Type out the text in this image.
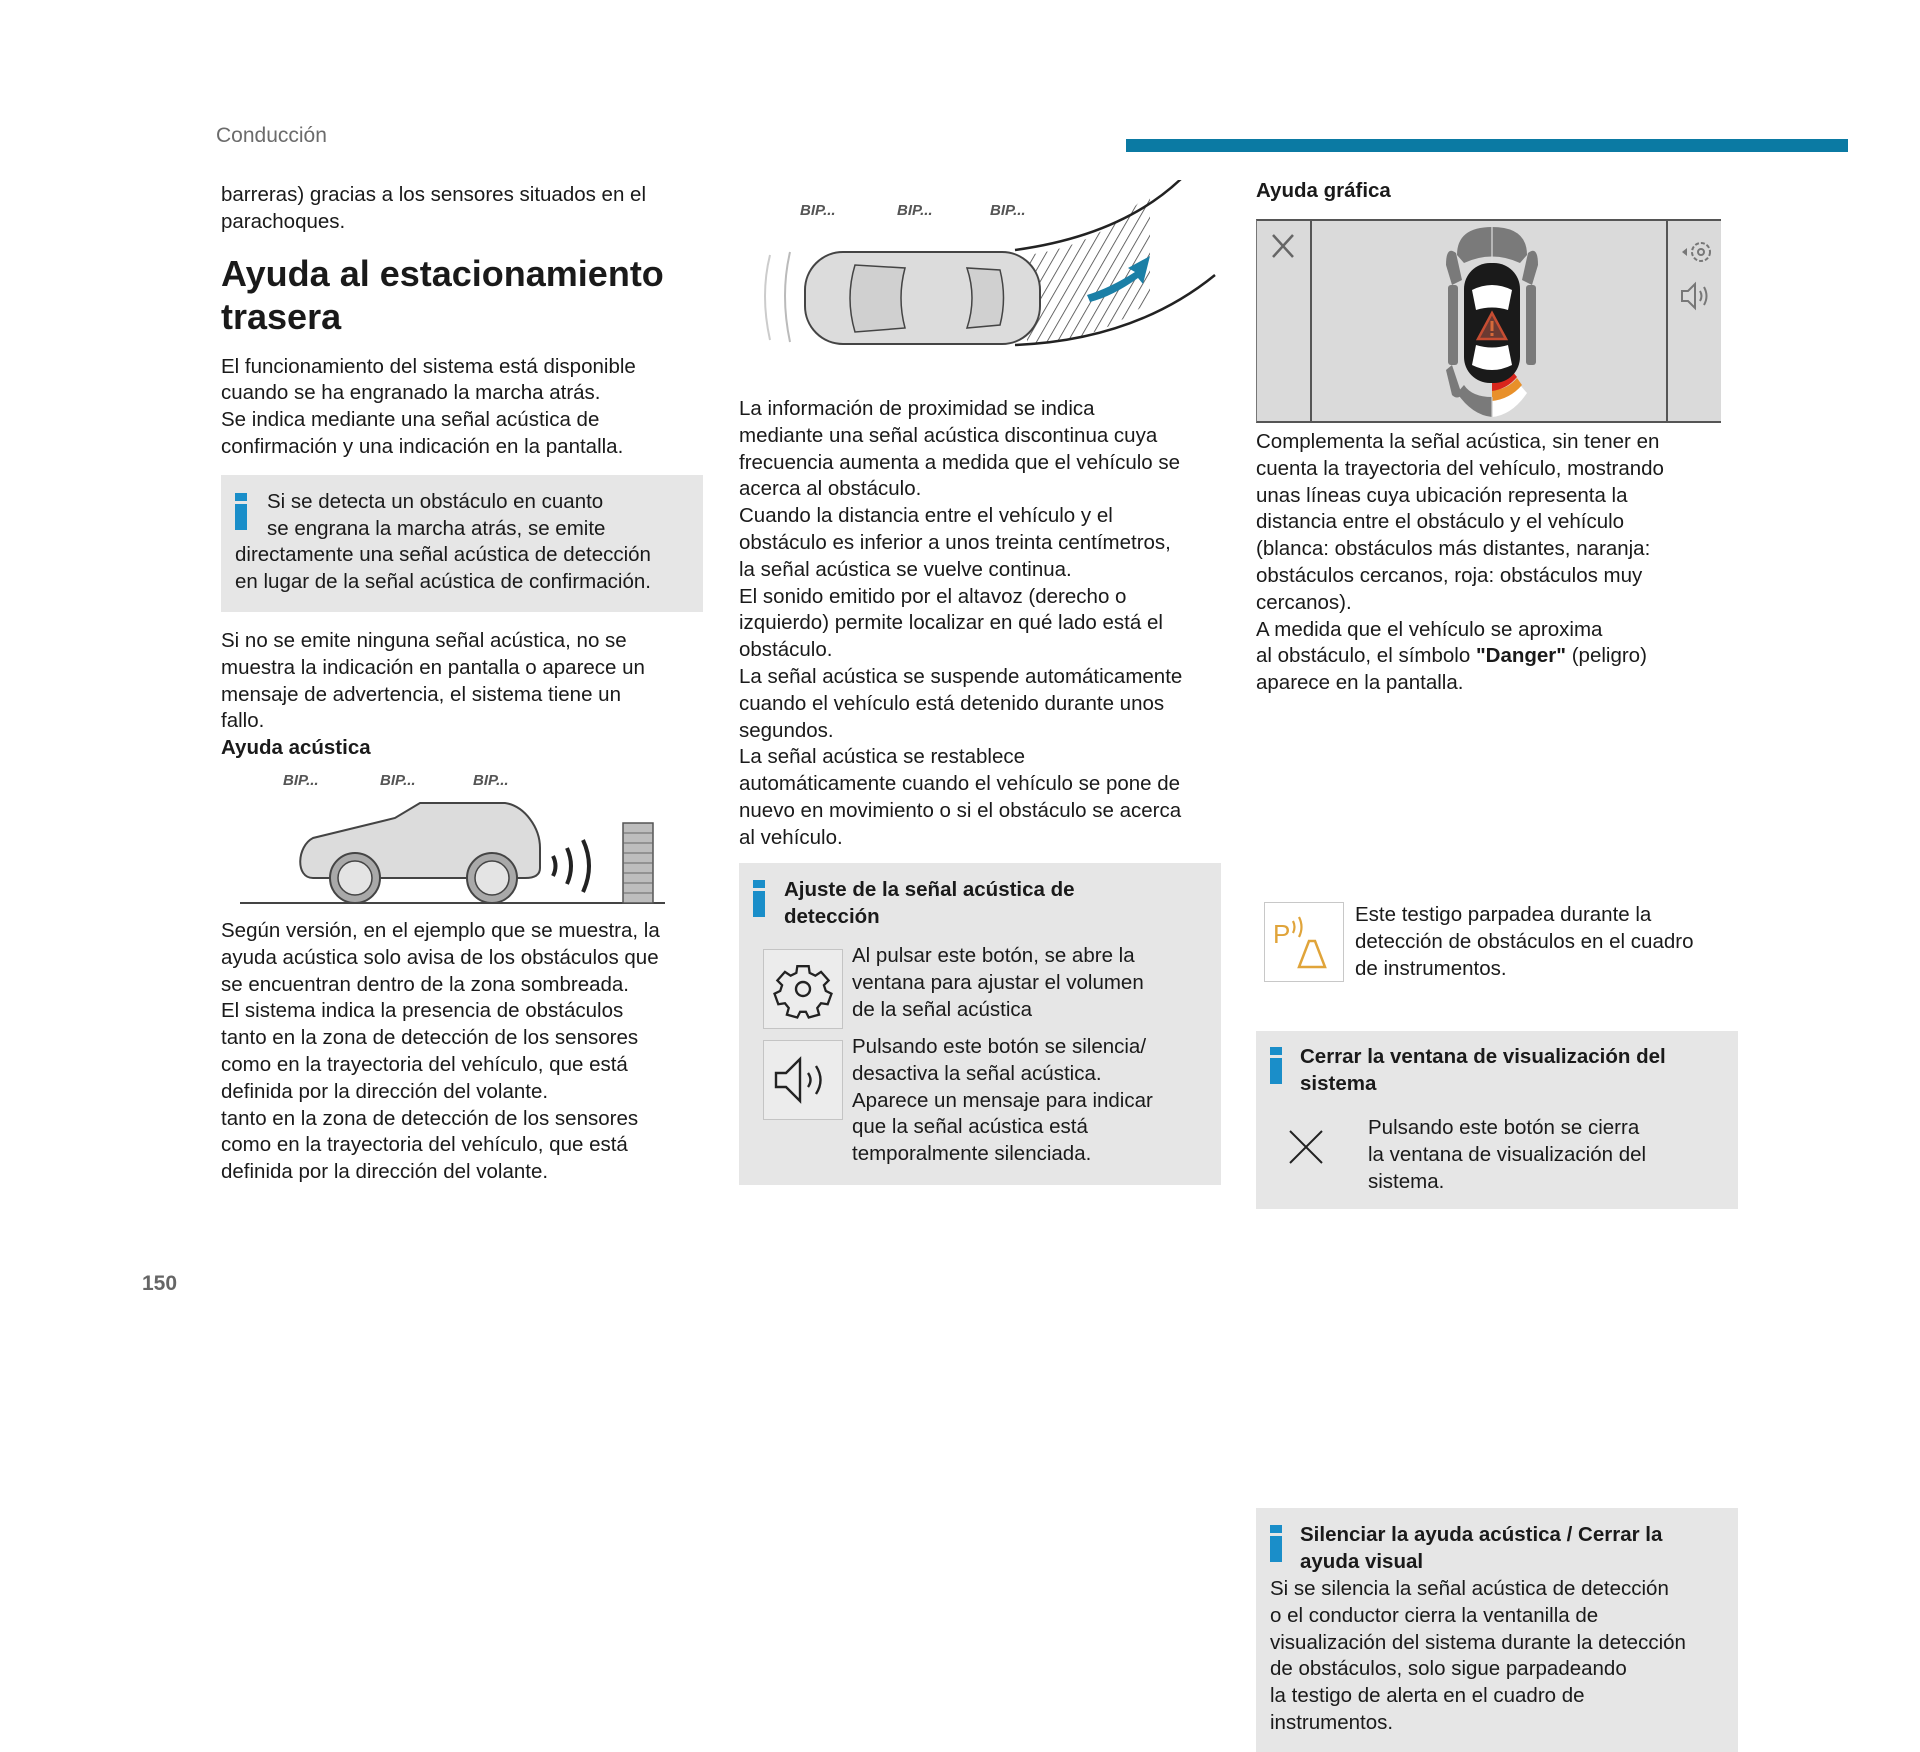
Conducción

barreras) gracias a los sensores situados en el

parachoques.

Ayuda al estacionamiento

trasera

El funcionamiento del sistema está disponible

cuando se ha engranado la marcha atrás.

Se indica mediante una señal acústica de

confirmación y una indicación en la pantalla.

Si se detecta un obstáculo en cuanto

se engrana la marcha atrás, se emite

directamente una señal acústica de detección

en lugar de la señal acústica de confirmación.

Si no se emite ninguna señal acústica, no se

muestra la indicación en pantalla o aparece un

mensaje de advertencia, el sistema tiene un

fallo.

Ayuda acústica

BIP...	BIP...	BIP...

Según versión, en el ejemplo que se muestra, la

ayuda acústica solo avisa de los obstáculos que

se encuentran dentro de la zona sombreada.

El sistema indica la presencia de obstáculos

tanto en la zona de detección de los sensores

como en la trayectoria del vehículo, que está

definida por la dirección del volante.

tanto en la zona de detección de los sensores

como en la trayectoria del vehículo, que está

definida por la dirección del volante.

BIP...	BIP...	BIP...

La información de proximidad se indica

mediante una señal acústica discontinua cuya

frecuencia aumenta a medida que el vehículo se

acerca al obstáculo.

Cuando la distancia entre el vehículo y el

obstáculo es inferior a unos treinta centímetros,

la señal acústica se vuelve continua.

El sonido emitido por el altavoz (derecho o

izquierdo) permite localizar en qué lado está el

obstáculo.

La señal acústica se suspende automáticamente

cuando el vehículo está detenido durante unos

segundos.

La señal acústica se restablece

automáticamente cuando el vehículo se pone de

nuevo en movimiento o si el obstáculo se acerca

al vehículo.

Ajuste de la señal acústica de

detección

Al pulsar este botón, se abre la

ventana para ajustar el volumen

de la señal acústica

Pulsando este botón se silencia/

desactiva la señal acústica.

Aparece un mensaje para indicar

que la señal acústica está

temporalmente silenciada.

Ayuda gráfica

Complementa la señal acústica, sin tener en

cuenta la trayectoria del vehículo, mostrando

unas líneas cuya ubicación representa la

distancia entre el obstáculo y el vehículo

(blanca: obstáculos más distantes, naranja:

obstáculos cercanos, roja: obstáculos muy

cercanos).

A medida que el vehículo se aproxima

al obstáculo, el símbolo "Danger" (peligro)

aparece en la pantalla.

Cerrar la ventana de visualización del

sistema

Pulsando este botón se cierra

la ventana de visualización del

sistema.

P

Este testigo parpadea durante la

detección de obstáculos en el cuadro

de instrumentos.

Silenciar la ayuda acústica / Cerrar la

ayuda visual

Si se silencia la señal acústica de detección

o el conductor cierra la ventanilla de

visualización del sistema durante la detección

de obstáculos, solo sigue parpadeando

la testigo de alerta en el cuadro de

instrumentos.

150
